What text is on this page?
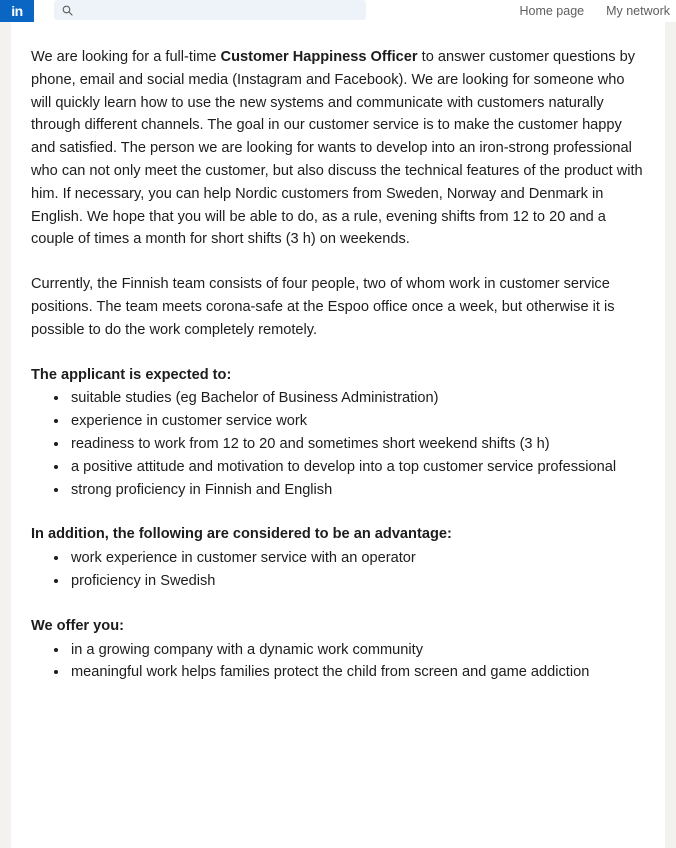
in	Home page My network

We are looking for a full-time Customer Happiness Officer to answer customer questions by phone, email and social media (Instagram and Facebook). We are looking for someone who will quickly learn how to use the new systems and communicate with customers naturally through different channels. The goal in our customer service is to make the customer happy and satisfied. The person we are looking for wants to develop into an iron-strong professional who can not only meet the customer, but also discuss the technical features of the product with him. If necessary, you can help Nordic customers from Sweden, Norway and Denmark in English. We hope that you will be able to do, as a rule, evening shifts from 12 to 20 and a couple of times a month for short shifts (3 h) on weekends.

Currently, the Finnish team consists of four people, two of whom work in customer service positions. The team meets corona-safe at the Espoo office once a week, but otherwise it is possible to do the work completely remotely.

The applicant is expected to:

• suitable studies (eg Bachelor of Business Administration)
• experience in customer service work
• readiness to work from 12 to 20 and sometimes short weekend shifts (3 h)
• a positive attitude and motivation to develop into a top customer service professional
• strong proficiency in Finnish and English

In addition, the following are considered to be an advantage:

• work experience in customer service with an operator
• proficiency in Swedish

We offer you:

• in a growing company with a dynamic work community
• meaningful work helps families protect the child from screen and game addiction
